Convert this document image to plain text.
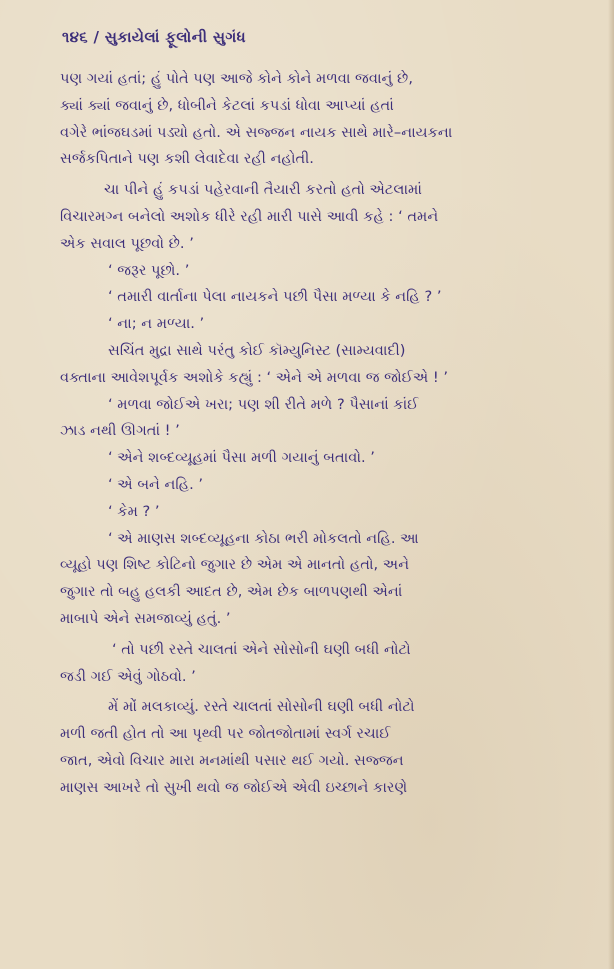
૧૪૬ / સુકાયેલાં ફૂલોની સુગંધ
પણ ગયાં હતાં; હું પોતે પણ આજે કોને કોને મળવા જવાનું છે,
ક્યાં ક્યાં જવાનું છે, ધોબીને કેટલાં કપડાં ધોવા આપ્યાં હતાં
વગેરે ભાંજઘડમાં પડ્યો હતો. એ સજ્જન નાયક સાથે મારે–નાયકના
સર્જકપિતાને પણ કશી લેવાદેવા રહી નહોતી.
ચા પીને હું કપડાં પહેરવાની તૈયારી કરતો હતો એટલામાં
વિચારમગ્ન બનેલો અશોક ધીરે રહી મારી પાસે આવી કહે : ‘ તમને
એક સવાલ પૂછવો છે. ’
‘ જરૂર પૂછો. ’
‘ તમારી વાર્તાના પેલા નાયકને પછી પૈસા મળ્યા કે નહિ ? ’
‘ ના; ન મળ્યા. ’
સચિંત મુદ્રા સાથે પરંતુ કોઈ કૉમ્યુનિસ્ટ (સામ્યવાદી)
વક્તાના આવેશપૂર્વક અશોકે કહ્યું : ‘ એને એ મળવા જ જોઈએ ! ’
‘ મળવા જોઈએ ખરા; પણ શી રીતે મળે ? પૈસાનાં કાંઈ
ઝાડ નથી ઊગતાં ! ’
‘ એને શબ્દવ્યૂહમાં પૈસા મળી ગયાનું બતાવો. ’
‘ એ બને નહિ. ’
‘ કેમ ? ’
‘ એ માણસ શબ્દવ્યૂહના કોઠા ભરી મોકલતો નહિ. આ
વ્યૂહો પણ શિષ્ટ કોટિનો જુગાર છે એમ એ માનતો હતો, અને
જુગાર તો બહુ હલકી આદત છે, એમ છેક બાળપણથી એનાં
માબાપે એને સમજાવ્યું હતું. ’
‘ તો પછી રસ્તે ચાલતાં એને સોસોની ઘણી બધી નોટો
જડી ગઈ એવું ગોઠવો. ’
મેં મોં મલકાવ્યું. રસ્તે ચાલતાં સોસોની ઘણી બધી નોટો
મળી જતી હોત તો આ પૃથ્વી પર જોતજોતામાં સ્વર્ગ રચાઈ
જાત, એવો વિચાર મારા મનમાંથી પસાર થઈ ગયો. સજ્જન
માણસ આખરે તો સુખી થવો જ જોઈએ એવી ઇચ્છાને કારણે
